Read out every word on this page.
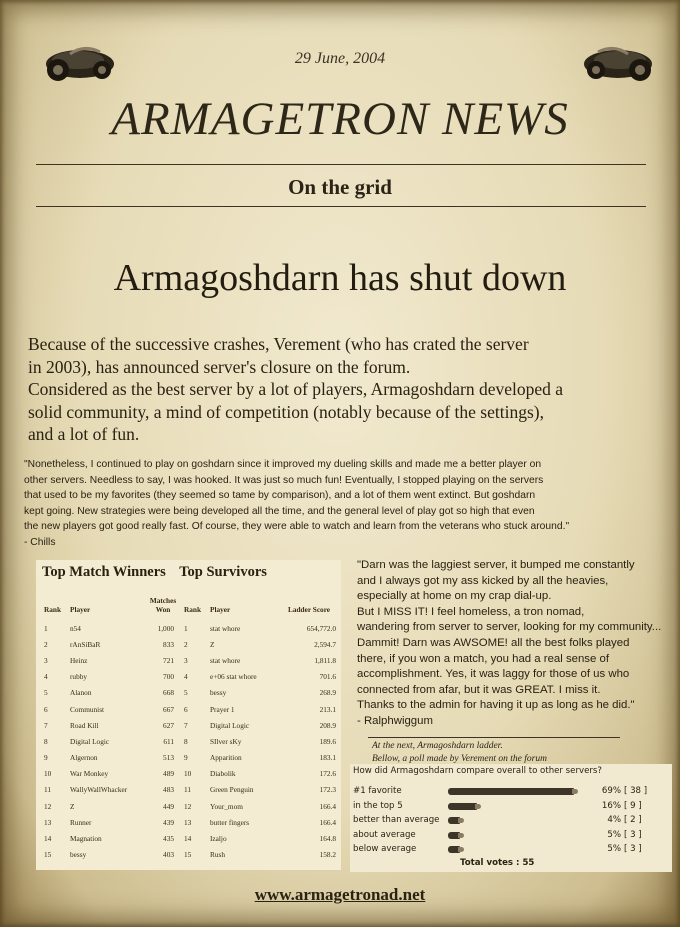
29 June, 2004
ARMAGETRON NEWS
On the grid
Armagoshdarn has shut down

Because of the successive crashes, Verement (who has crated the server
in 2003), has announced server's closure on the forum.
Considered as the best server by a lot of players, Armagoshdarn developed a
solid community, a mind of competition (notably because of the settings),
and a lot of fun.

"Nonetheless, I continued to play on goshdarn since it improved my dueling skills and made me a better player on
other servers. Needless to say, I was hooked. It was just so much fun! Eventually, I stopped playing on the servers
that used to be my favorites (they seemed so tame by comparison), and a lot of them went extinct. But goshdarn
kept going. New strategies were being developed all the time, and the general level of play got so high that even
the new players got good really fast. Of course, they were able to watch and learn from the veterans who stuck around."
- Chills

Top Match Winners Top Survivors
Rank	Player	Matches Won	Rank	Player	Ladder Score
1	n54	1,000	1	stat whore	654,772.0
2	rAnSiBaR	833	2	Z	2,594.7
3	Heinz	721	3	stat whore	1,811.8
4	rubby	700	4	e+06 stat whore	701.6
5	Alanon	668	5	bessy	268.9
6	Communist	667	6	Prayer 1	213.1
7	Road Kill	627	7	Digital Logic	208.9
8	Digital Logic	611	8	SIlver sKy	189.6
9	Algernon	513	9	Apparition	183.1
10	War Monkey	489	10	Diabolik	172.6
11	WallyWallWhacker	483	11	Green Penguin	172.3
12	Z	449	12	Your_mom	166.4
13	Runner	439	13	butter fingers	166.4
14	Magnation	435	14	Izaljo	164.8
15	bessy	403	15	Rush	158.2

"Darn was the laggiest server, it bumped me constantly
and I always got my ass kicked by all the heavies,
especially at home on my crap dial-up.
But I MISS IT! I feel homeless, a tron nomad,
wandering from server to server, looking for my community...
Dammit! Darn was AWSOME! all the best folks played
there, if you won a match, you had a real sense of
accomplishment. Yes, it was laggy for those of us who
connected from afar, but it was GREAT. I miss it.
Thanks to the admin for having it up as long as he did."
- Ralphwiggum

At the next, Armagoshdarn ladder.
Bellow, a poll made by Verement on the forum

How did Armagoshdarn compare overall to other servers?
#1 favorite	69% [ 38 ]
in the top 5	16% [ 9 ]
better than average	4% [ 2 ]
about average	5% [ 3 ]
below average	5% [ 3 ]
Total votes : 55
www.armagetronad.net
